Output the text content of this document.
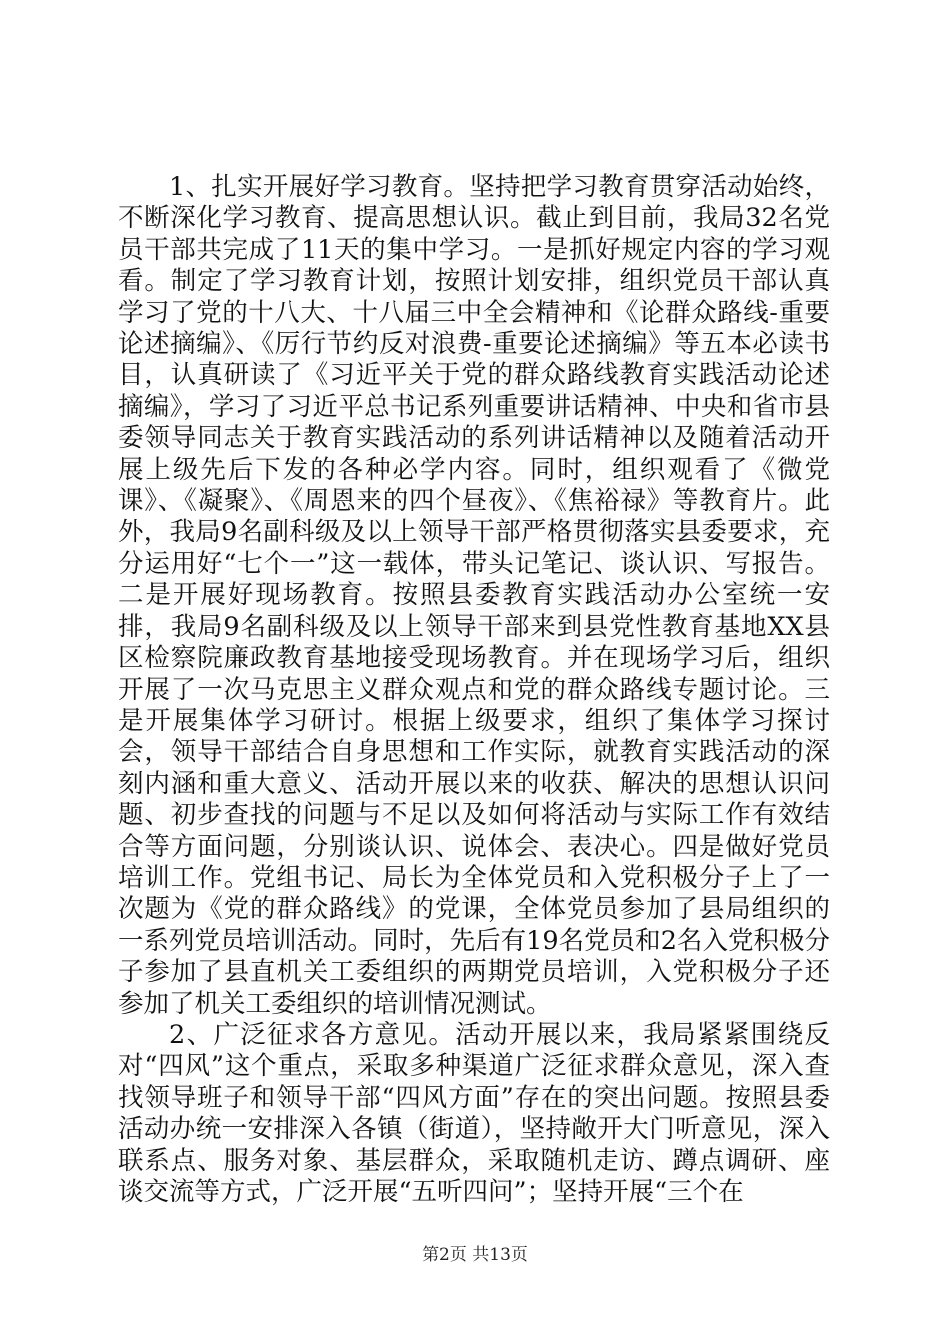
1、扎实开展好学习教育。坚持把学习教育贯穿活动始终，不断深化学习教育、提高思想认识。截止到目前，我局32名党员干部共完成了11天的集中学习。一是抓好规定内容的学习观看。制定了学习教育计划，按照计划安排，组织党员干部认真学习了党的十八大、十八届三中全会精神和《论群众路线-重要论述摘编》、《厉行节约反对浪费-重要论述摘编》等五本必读书目，认真研读了《习近平关于党的群众路线教育实践活动论述摘编》，学习了习近平总书记系列重要讲话精神、中央和省市县委领导同志关于教育实践活动的系列讲话精神以及随着活动开展上级先后下发的各种必学内容。同时，组织观看了《微党课》、《凝聚》、《周恩来的四个昼夜》、《焦裕禄》等教育片。此外，我局9名副科级及以上领导干部严格贯彻落实县委要求，充分运用好“七个一”这一载体，带头记笔记、谈认识、写报告。二是开展好现场教育。按照县委教育实践活动办公室统一安排，我局9名副科级及以上领导干部来到县党性教育基地XX县区检察院廉政教育基地接受现场教育。并在现场学习后，组织开展了一次马克思主义群众观点和党的群众路线专题讨论。三是开展集体学习研讨。根据上级要求，组织了集体学习探讨会，领导干部结合自身思想和工作实际，就教育实践活动的深刻内涵和重大意义、活动开展以来的收获、解决的思想认识问题、初步查找的问题与不足以及如何将活动与实际工作有效结合等方面问题，分别谈认识、说体会、表决心。四是做好党员培训工作。党组书记、局长为全体党员和入党积极分子上了一次题为《党的群众路线》的党课，全体党员参加了县局组织的一系列党员培训活动。同时，先后有19名党员和2名入党积极分子参加了县直机关工委组织的两期党员培训，入党积极分子还参加了机关工委组织的培训情况测试。

2、广泛征求各方意见。活动开展以来，我局紧紧围绕反对“四风”这个重点，采取多种渠道广泛征求群众意见，深入查找领导班子和领导干部“四风方面”存在的突出问题。按照县委活动办统一安排深入各镇（街道），坚持敞开大门听意见，深入联系点、服务对象、基层群众，采取随机走访、蹲点调研、座谈交流等方式，广泛开展“五听四问”；坚持开展“三个在

第2页 共13页
